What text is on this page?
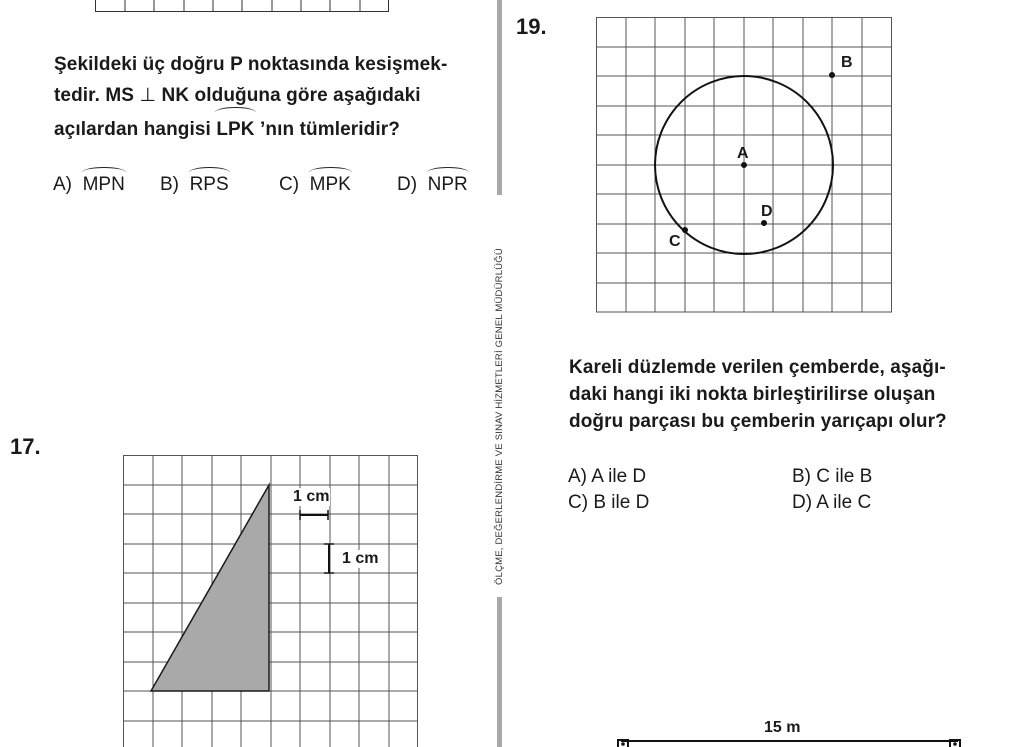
Şekildeki üç doğru P noktasında kesişmek-
tedir. MS ⊥ NK olduğuna göre aşağıdaki
açılardan hangisi LPK ’nın tümleridir?
A) MPN B) RPS	C) MPK D) NPR
17.
1 cm
1 cm	ÖLÇME, DEĞERLENDİRME VE SINAV HİZMETLERİ GENEL MÜDÜRLÜĞÜ
19.
A
B
C
D
Kareli düzlemde verilen çemberde, aşağı-
daki hangi iki nokta birleştirilirse oluşan
doğru parçası bu çemberin yarıçapı olur?
A) A ile D	B) C ile B
C) B ile D	D) A ile C
15 m
